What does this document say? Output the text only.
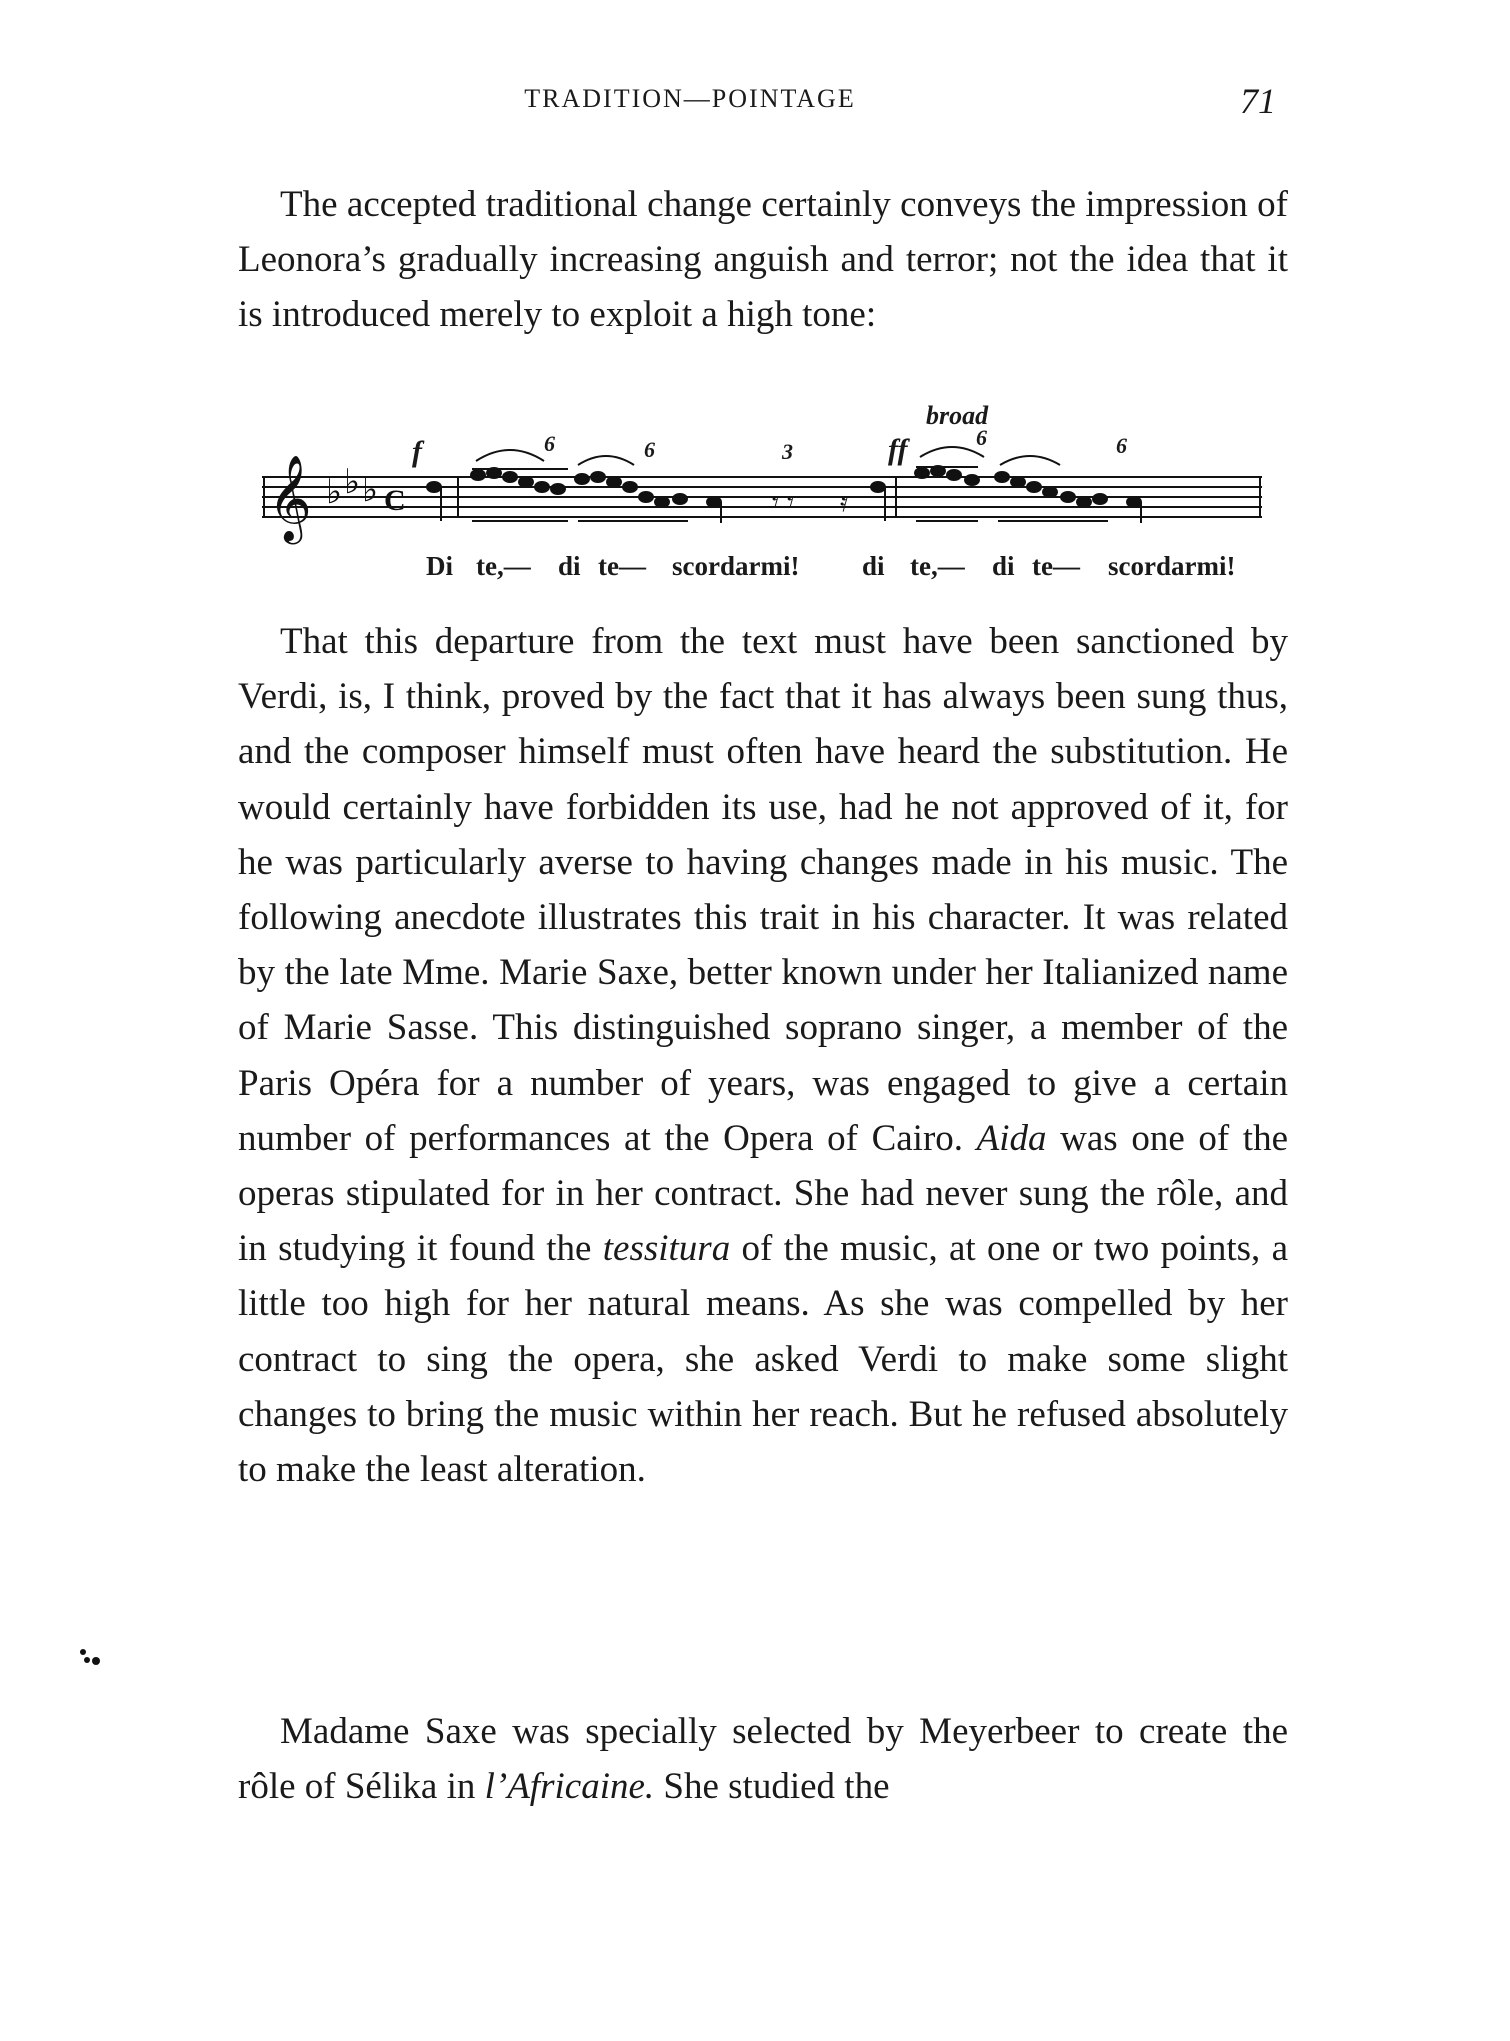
TRADITION—POINTAGE	71

The accepted traditional change certainly conveys the impression of Leonora’s gradually increasing anguish and terror; not the idea that it is introduced merely to exploit a high tone:

𝄞 ♭ ♭ ♭ C	𝄾 𝄾 𝄿
f	6	6	3	ff
broad
6	6
Di te,— di te— scordarmi! di te,— di te— scordarmi!

That this departure from the text must have been sanctioned by Verdi, is, I think, proved by the fact that it has always been sung thus, and the composer himself must often have heard the substitution. He would certainly have forbidden its use, had he not approved of it, for he was particularly averse to having changes made in his music. The following anecdote illustrates this trait in his character. It was related by the late Mme. Marie Saxe, better known under her Italianized name of Marie Sasse. This distinguished soprano singer, a member of the Paris Opéra for a number of years, was engaged to give a certain number of performances at the Opera of Cairo. Aida was one of the operas stipulated for in her contract. She had never sung the rôle, and in studying it found the tessitura of the music, at one or two points, a little too high for her natural means. As she was compelled by her contract to sing the opera, she asked Verdi to make some slight changes to bring the music within her reach. But he refused absolutely to make the least alteration.

Madame Saxe was specially selected by Meyerbeer to create the rôle of Sélika in l’Africaine. She studied the
